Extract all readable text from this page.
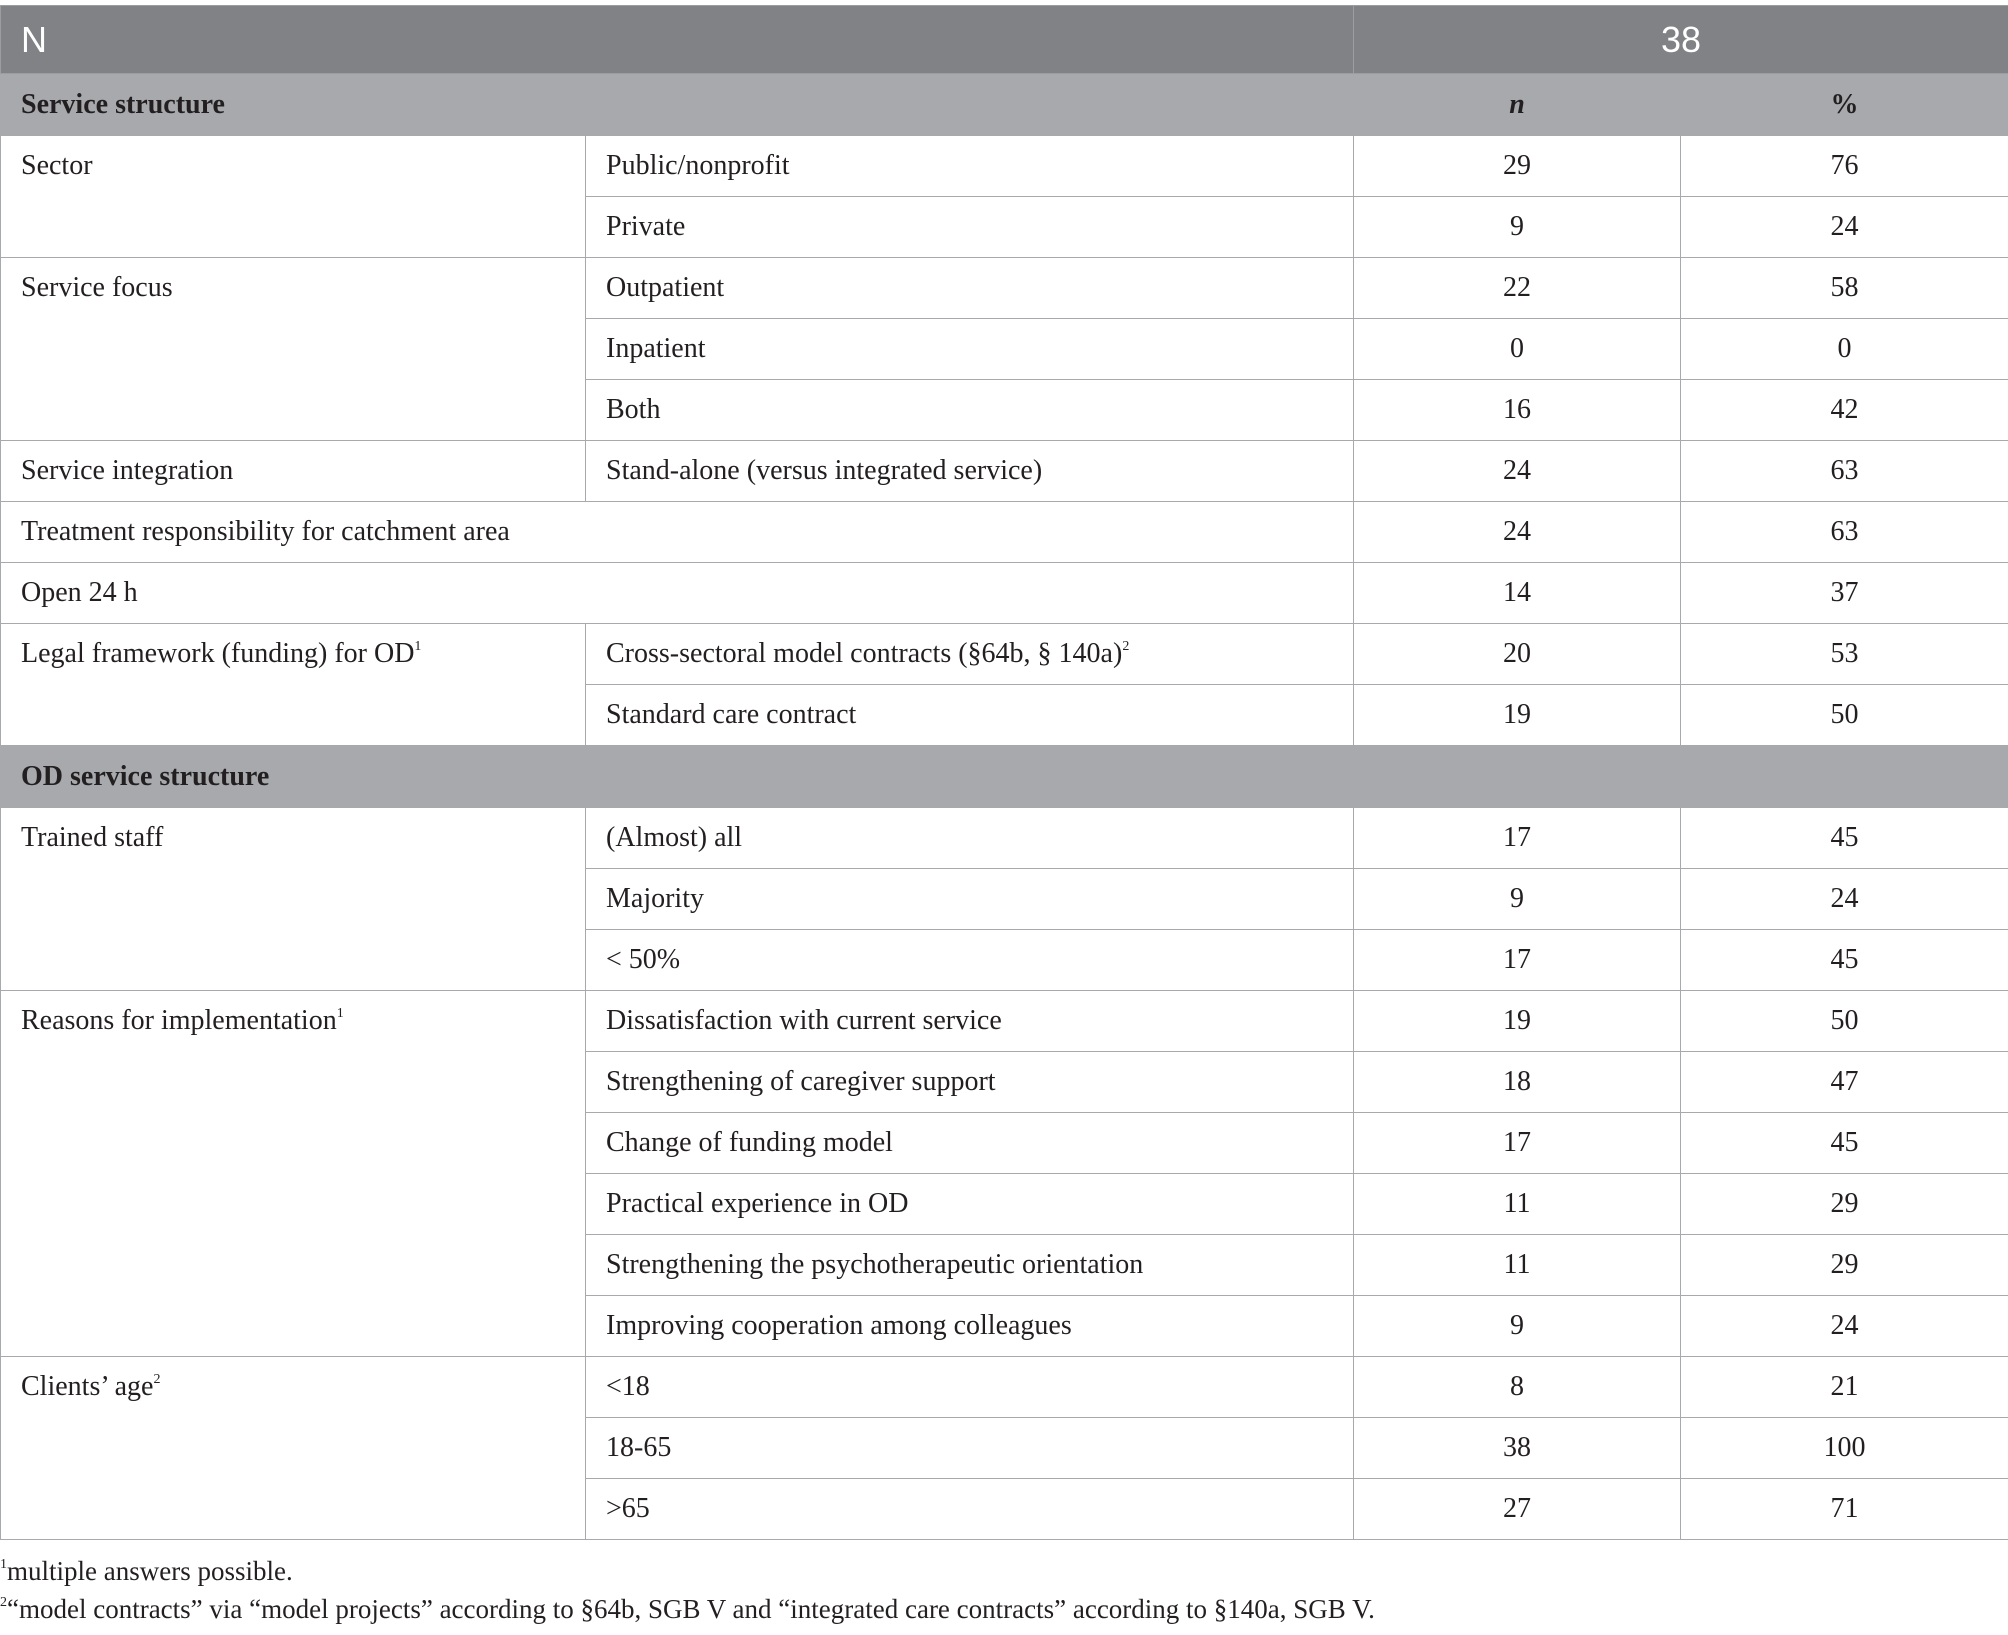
N		38	
Service structure		n	%
Sector	Public/nonprofit	29	76
	Private	9	24
Service focus	Outpatient	22	58
	Inpatient	0	0
	Both	16	42
Service integration	Stand-alone (versus integrated service)	24	63
Treatment responsibility for catchment area		24	63
Open 24 h		14	37
Legal framework (funding) for $OD^1$	Cross-sectoral model contracts (§64b, § 140a)$^2$	20	53
	Standard care contract	19	50
OD service structure			
Trained staff	(Almost) all	17	45
	Majority	9	24
	< 50%	17	45
Reasons for implementation$^1$	Dissatisfaction with current service	19	50
	Strengthening of caregiver support	18	47
	Change of funding model	17	45
	Practical experience in OD	11	29
	Strengthening the psychotherapeutic orientation	11	29
	Improving cooperation among colleagues	9	24
Clients’ age$^2$	<18	8	21
	18-65	38	100
	>65	27	71
$^1$multiple answers possible.
$^2$“model contracts” via “model projects” according to §64b, SGB V and “integrated care contracts” according to §140a, SGB V.
